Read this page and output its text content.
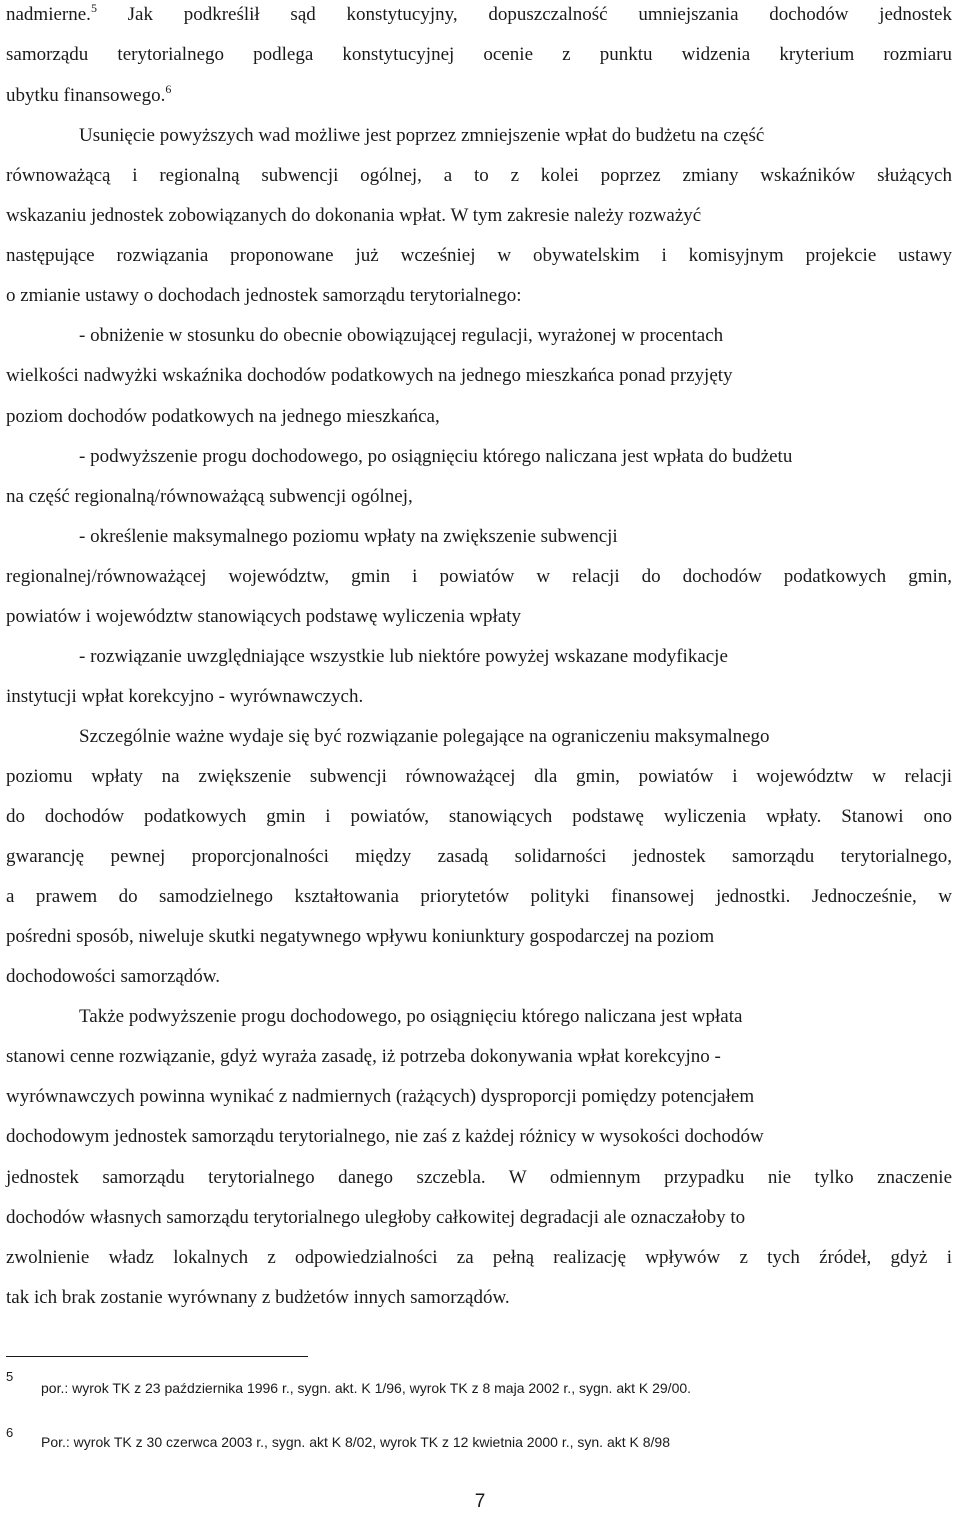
nadmierne.$^5$ Jak podkreślił sąd konstytucyjny, dopuszczalność umniejszania dochodów jednostek
samorządu terytorialnego podlega konstytucyjnej ocenie z punktu widzenia kryterium rozmiaru
ubytku finansowego.$^6$
Usunięcie powyższych wad możliwe jest poprzez zmniejszenie wpłat do budżetu na część
równoważącą i regionalną subwencji ogólnej, a to z kolei poprzez zmiany wskaźników służących
wskazaniu jednostek zobowiązanych do dokonania wpłat. W tym zakresie należy rozważyć
następujące rozwiązania proponowane już wcześniej w obywatelskim i komisyjnym projekcie ustawy
o zmianie ustawy o dochodach jednostek samorządu terytorialnego:
- obniżenie w stosunku do obecnie obowiązującej regulacji, wyrażonej w procentach
wielkości nadwyżki wskaźnika dochodów podatkowych na jednego mieszkańca ponad przyjęty
poziom dochodów podatkowych na jednego mieszkańca,
- podwyższenie progu dochodowego, po osiągnięciu którego naliczana jest wpłata do budżetu
na część regionalną/równoważącą subwencji ogólnej,
- określenie maksymalnego poziomu wpłaty na zwiększenie subwencji
regionalnej/równoważącej województw, gmin i powiatów w relacji do dochodów podatkowych gmin,
powiatów i województw stanowiących podstawę wyliczenia wpłaty
- rozwiązanie uwzględniające wszystkie lub niektóre powyżej wskazane modyfikacje
instytucji wpłat korekcyjno - wyrównawczych.
Szczególnie ważne wydaje się być rozwiązanie polegające na ograniczeniu maksymalnego
poziomu wpłaty na zwiększenie subwencji równoważącej dla gmin, powiatów i województw w relacji
do dochodów podatkowych gmin i powiatów, stanowiących podstawę wyliczenia wpłaty. Stanowi ono
gwarancję pewnej proporcjonalności między zasadą solidarności jednostek samorządu terytorialnego,
a prawem do samodzielnego kształtowania priorytetów polityki finansowej jednostki. Jednocześnie, w
pośredni sposób, niweluje skutki negatywnego wpływu koniunktury gospodarczej na poziom
dochodowości samorządów.
Także podwyższenie progu dochodowego, po osiągnięciu którego naliczana jest wpłata
stanowi cenne rozwiązanie, gdyż wyraża zasadę, iż potrzeba dokonywania wpłat korekcyjno -
wyrównawczych powinna wynikać z nadmiernych (rażących) dysproporcji pomiędzy potencjałem
dochodowym jednostek samorządu terytorialnego, nie zaś z każdej różnicy w wysokości dochodów
jednostek samorządu terytorialnego danego szczebla. W odmiennym przypadku nie tylko znaczenie
dochodów własnych samorządu terytorialnego uległoby całkowitej degradacji ale oznaczałoby to
zwolnienie władz lokalnych z odpowiedzialności za pełną realizację wpływów z tych źródeł, gdyż i
tak ich brak zostanie wyrównany z budżetów innych samorządów.
5
por.: wyrok TK z 23 października 1996 r., sygn. akt. K 1/96, wyrok TK z 8 maja 2002 r., sygn. akt K 29/00.
6
Por.: wyrok TK z 30 czerwca 2003 r., sygn. akt K 8/02, wyrok TK z 12 kwietnia 2000 r., syn. akt K 8/98
7
